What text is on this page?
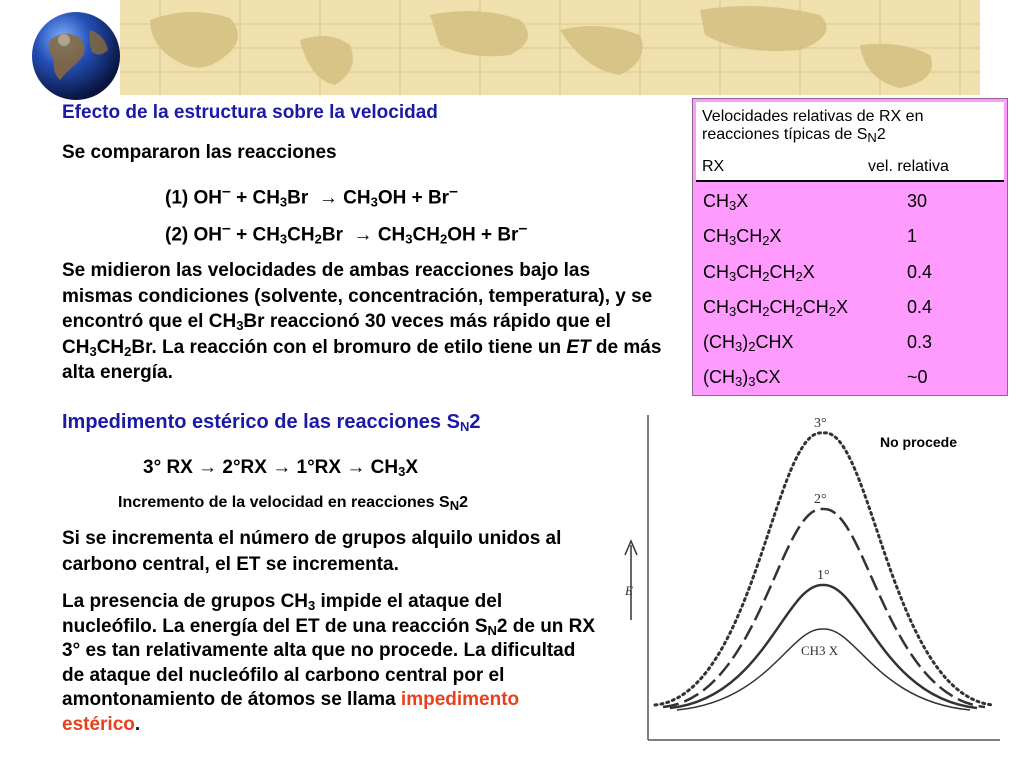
Efecto de la estructura sobre la velocidad
Se compararon las reacciones
(1) $OH^- + CH_3Br \to CH_3OH + Br^-$
(2) $OH^- + CH_3CH_2Br \to CH_3CH_2OH + Br^-$
Se midieron las velocidades de ambas reacciones bajo las mismas condiciones (solvente, concentración, temperatura), y se encontró que el $CH_3Br$ reaccionó 30 veces más rápido que el $CH_3CH_2Br$. La reacción con el bromuro de etilo tiene un ET de más alta energía.
Impedimento estérico de las reacciones $S_N2$
3° RX → $2^\circ RX \to 1^\circ RX \to CH_3X$
Incremento de la velocidad en reacciones $S_N2$
Si se incrementa el número de grupos alquilo unidos al carbono central, el ET se incrementa.
La presencia de grupos $CH_3$ impide el ataque del nucleófilo. La energía del ET de una reacción $S_N2$ de un RX 3° es tan relativamente alta que no procede. La dificultad de ataque del nucleófilo al carbono central por el amontonamiento de átomos se llama impedimento estérico.
Velocidades relativas de RX en reacciones típicas de $S_N2$
RX	vel. relativa
$CH_3X$	30
$CH_3CH_2X$	1
$CH_3CH_2CH_2X$	0.4
$CH_3CH_2CH_2CH_2X$	0.4
$(CH_3)_2CHX$	0.3
$(CH_3)_3CX$	~0
E
3°
2°
1°
CH3 X
No procede
